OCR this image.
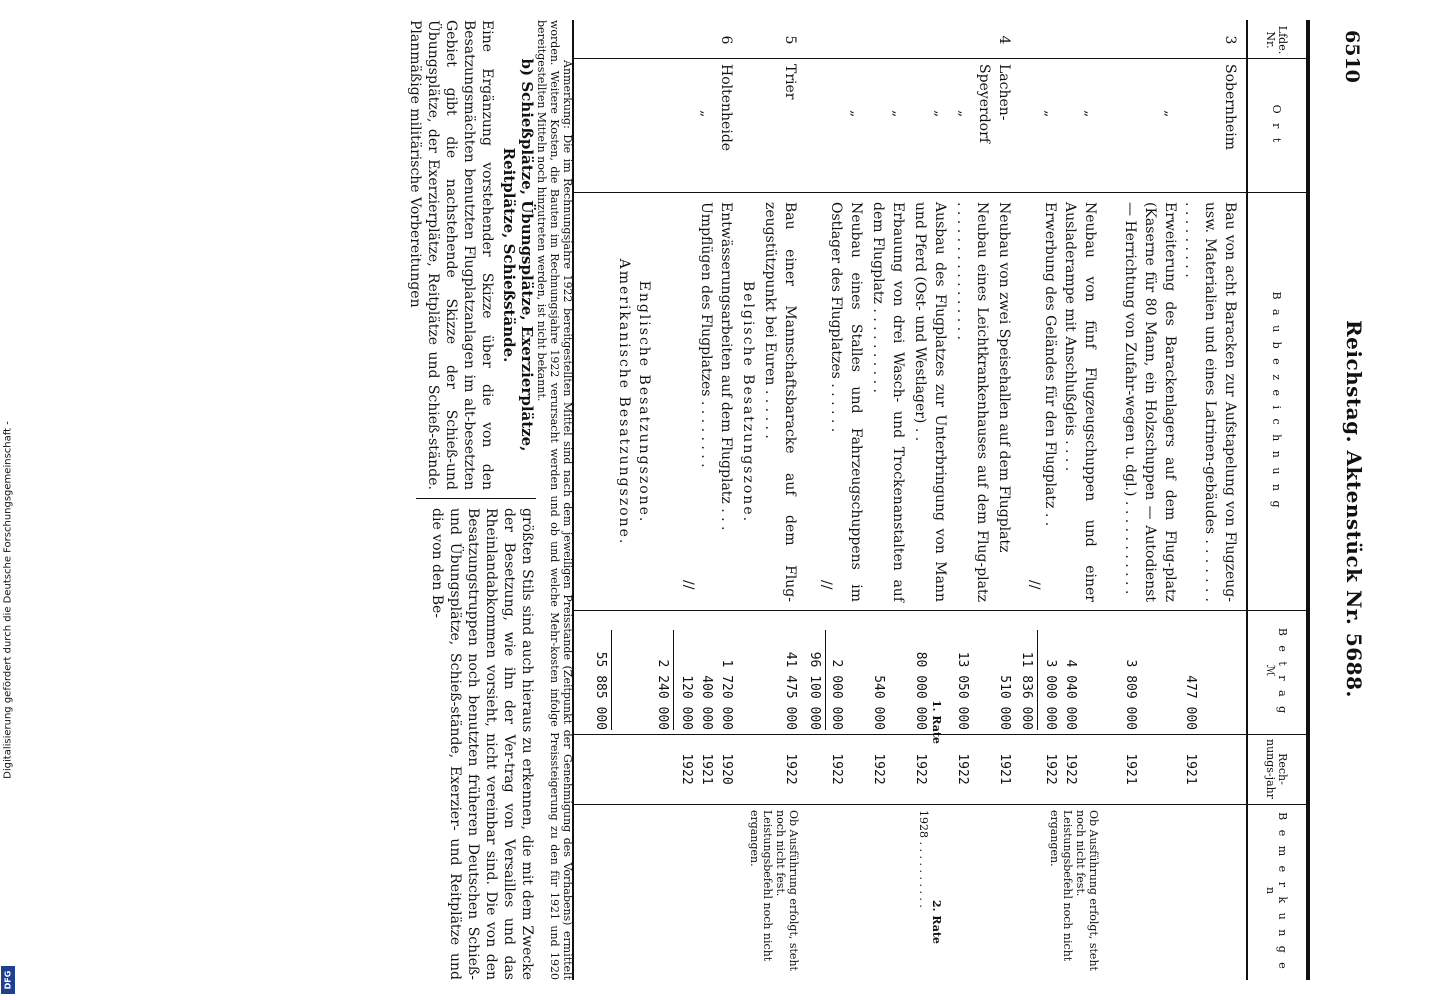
Digitalisierung gefördert durch die Deutsche Forschungsgemeinschaft -
DFG
6510
Reichstag. Aktenstück Nr. 5688.
Lfde. Nr.
O r t
B a u b e z e i c h n u n g
B e t r a g
ℳ
Rech-nungs-jahr
B e m e r k u n g e n
3
Sobernheim
Bau von acht Baracken zur Aufstapelung von Flugzeug- usw. Materialien und eines Latrinen-gebäudes . . . . . . . . . . . . . . . .
477 000
1921
„
Erweiterung des Barackenlagers auf dem Flug-platz (Kaserne für 80 Mann, ein Holzschuppen — Autodienst — Herrichtung von Zufahr-wegen u. dgl.) . . . . . . . . . . .
3 809 000
1921
„
Neubau von fünf Flugzeugschuppen und einer Ausladerampe mit Anschlußgleis . . . .
4 040 000
1922
Ob Ausführung erfolgt, steht noch nicht fest. Leistungsbefehl noch nicht ergangen.
„
Erwerbung des Geländes für den Flugplatz . .
3 000 000
1922
//
11 836 000
4
Lachen-Speyerdorf
Neubau von zwei Speisehallen auf dem Flugplatz
510 000
1921
„
Neubau eines Leichtkrankenhauses auf dem Flug-platz . . . . . . . . . . . . . . . .
13 050 000
1922
„
Ausbau des Flugplatzes zur Unterbringung von Mann und Pferd (Ost- und Westlager) . .
80 000 000
1922
1928 . . . . . . . . . .
1. Rate
2. Rate
„
Erbauung von drei Wasch- und Trockenanstalten auf dem Flugplatz . . . . . . . . . .
540 000
1922
„
Neubau eines Stalles und Fahrzeugschuppens im Ostlager des Flugplatzes . . . . . .
2 000 000
1922
//
96 100 000
5
Trier
Bau einer Mannschaftsbaracke auf dem Flug-zeugstützpunkt bei Euren . . . . . .
41 475 000
1922
Ob Ausführung erfolgt, steht noch nicht fest. Leistungsbefehl noch nicht ergangen.
Belgische Besatzungszone.
6
Holtenheide
Entwässerungsarbeiten auf dem Flugplatz . . .
1 720 000
1920
„
Umpflügen des Flugplatzes . . . . . . . .
400 000
1921
120 000
1922
//
2 240 000
Englische Besatzungszone.
Amerikanische Besatzungszone.
55 885 000
Anmerkung: Die im Rechnungsjahre 1922 bereitgestellten Mittel sind nach dem jeweiligen Preisstande (Zeitpunkt der Genehmigung des Vorhabens) ermittelt worden. Weitere Kosten, die Bauten im Rechnungsjahre 1922 verursacht werden und ob und welche Mehr-kosten infolge Preissteigerung zu den für 1921 und 1920 bereitgestellten Mitteln noch hinzutreten werden, ist nicht bekannt.
b) Schießplätze, Übungsplätze, Exerzierplätze, Reitplätze, Schießstände.

Eine Ergänzung vorstehender Skizze über die von den Besatzungsmächten benutzten Flugplatzanlagen im alt-besetzten Gebiet gibt die nachstehende Skizze der Schieß-und Übungsplätze, der Exerzierplätze, Reitplätze und Schieß-stände. Planmäßige militärische Vorbereitungen

größten Stils sind auch hieraus zu erkennen, die mit dem Zwecke der Besetzung, wie ihn der Ver-trag von Versailles und das Rheinlandabkommen vorsieht, nicht vereinbar sind. Die von den Besatzungstruppen noch benutzten früheren Deutschen Schieß- und Übungsplätze, Schieß-stände, Exerzier- und Reitplätze und die von den Be-
